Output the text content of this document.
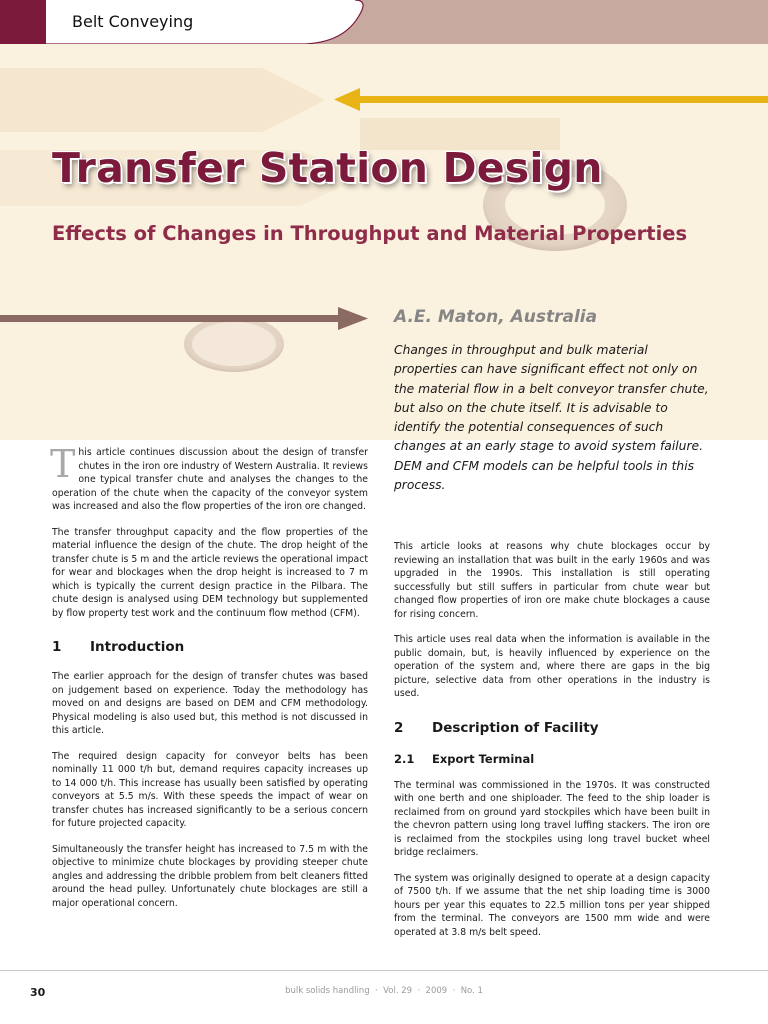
Belt Conveying
Transfer Station Design
Effects of Changes in Throughput and Material Properties
A.E. Maton, Australia

Changes in throughput and bulk material properties can have significant effect not only on the material flow in a belt conveyor transfer chute, but also on the chute itself. It is advisable to identify the potential consequences of such changes at an early stage to avoid system failure. DEM and CFM models can be helpful tools in this process.

This article continues discussion about the design of transfer chutes in the iron ore industry of Western Australia. It reviews one typical transfer chute and analyses the changes to the operation of the chute when the capacity of the conveyor system was increased and also the flow properties of the iron ore changed.

The transfer throughput capacity and the flow properties of the material influence the design of the chute. The drop height of the transfer chute is 5 m and the article reviews the operational impact for wear and blockages when the drop height is increased to 7 m which is typically the current design practice in the Pilbara. The chute design is analysed using DEM technology but supplemented by flow property test work and the continuum flow method (CFM).

1	Introduction

The earlier approach for the design of transfer chutes was based on judgement based on experience. Today the methodology has moved on and designs are based on DEM and CFM methodology. Physical modeling is also used but, this method is not discussed in this article.

The required design capacity for conveyor belts has been nominally 11 000 t/h but, demand requires capacity increases up to 14 000 t/h. This increase has usually been satisfied by operating conveyors at 5.5 m/s. With these speeds the impact of wear on transfer chutes has increased significantly to be a serious concern for future projected capacity.

Simultaneously the transfer height has increased to 7.5 m with the objective to minimize chute blockages by providing steeper chute angles and addressing the dribble problem from belt cleaners fitted around the head pulley. Unfortunately chute blockages are still a major operational concern.

This article looks at reasons why chute blockages occur by reviewing an installation that was built in the early 1960s and was upgraded in the 1990s. This installation is still operating successfully but still suffers in particular from chute wear but changed flow properties of iron ore make chute blockages a cause for rising concern.

This article uses real data when the information is available in the public domain, but, is heavily influenced by experience on the operation of the system and, where there are gaps in the big picture, selective data from other operations in the industry is used.

2	Description of Facility
2.1	Export Terminal

The terminal was commissioned in the 1970s. It was constructed with one berth and one shiploader. The feed to the ship loader is reclaimed from on ground yard stockpiles which have been built in the chevron pattern using long travel luffing stackers. The iron ore is reclaimed from the stockpiles using long travel bucket wheel bridge reclaimers.

The system was originally designed to operate at a design capacity of 7500 t/h. If we assume that the net ship loading time is 3000 hours per year this equates to 22.5 million tons per year shipped from the terminal. The conveyors are 1500 mm wide and were operated at 3.8 m/s belt speed.

30	bulk solids handling  ·  Vol. 29  ·  2009  ·  No. 1
